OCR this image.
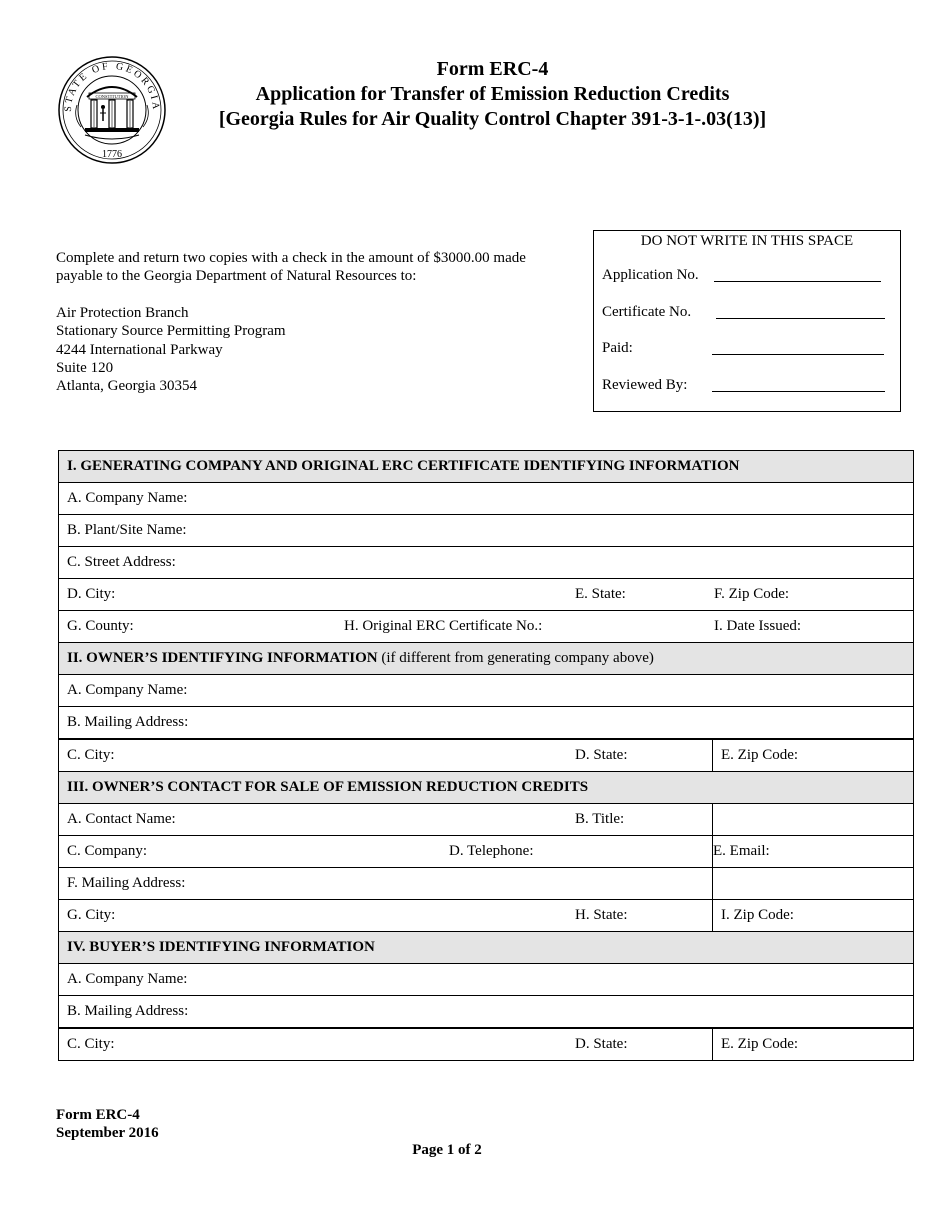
STATE OF GEORGIA
1776
CONSTITUTION
Form ERC-4
Application for Transfer of Emission Reduction Credits
[Georgia Rules for Air Quality Control Chapter 391-3-1-.03(13)]

Complete and return two copies with a check in the amount of $3000.00 made

payable to the Georgia Department of Natural Resources to:

Air Protection Branch
Stationary Source Permitting Program
4244 International Parkway
Suite 120
Atlanta, Georgia 30354
DO NOT WRITE IN THIS SPACE
Application No.
Certificate No.
Paid:
Reviewed By:
I. GENERATING COMPANY AND ORIGINAL ERC CERTIFICATE IDENTIFYING INFORMATION
A. Company Name:
B. Plant/Site Name:
C. Street Address:

D. City:	E. State:	F. Zip Code:

G. County:	H. Original ERC Certificate No.:	I. Date Issued:

II. OWNER’S IDENTIFYING INFORMATION (if different from generating company above)
A. Company Name:
B. Mailing Address:

C. City:	D. State:	E. Zip Code:

III. OWNER’S CONTACT FOR SALE OF EMISSION REDUCTION CREDITS

A. Contact Name:	B. Title:

C. Company:	D. Telephone:	E. Email:

F. Mailing Address:

G. City:	H. State:	I. Zip Code:

IV. BUYER’S IDENTIFYING INFORMATION
A. Company Name:
B. Mailing Address:

C. City:	D. State:	E. Zip Code:
Form ERC-4
September 2016
Page 1 of 2
